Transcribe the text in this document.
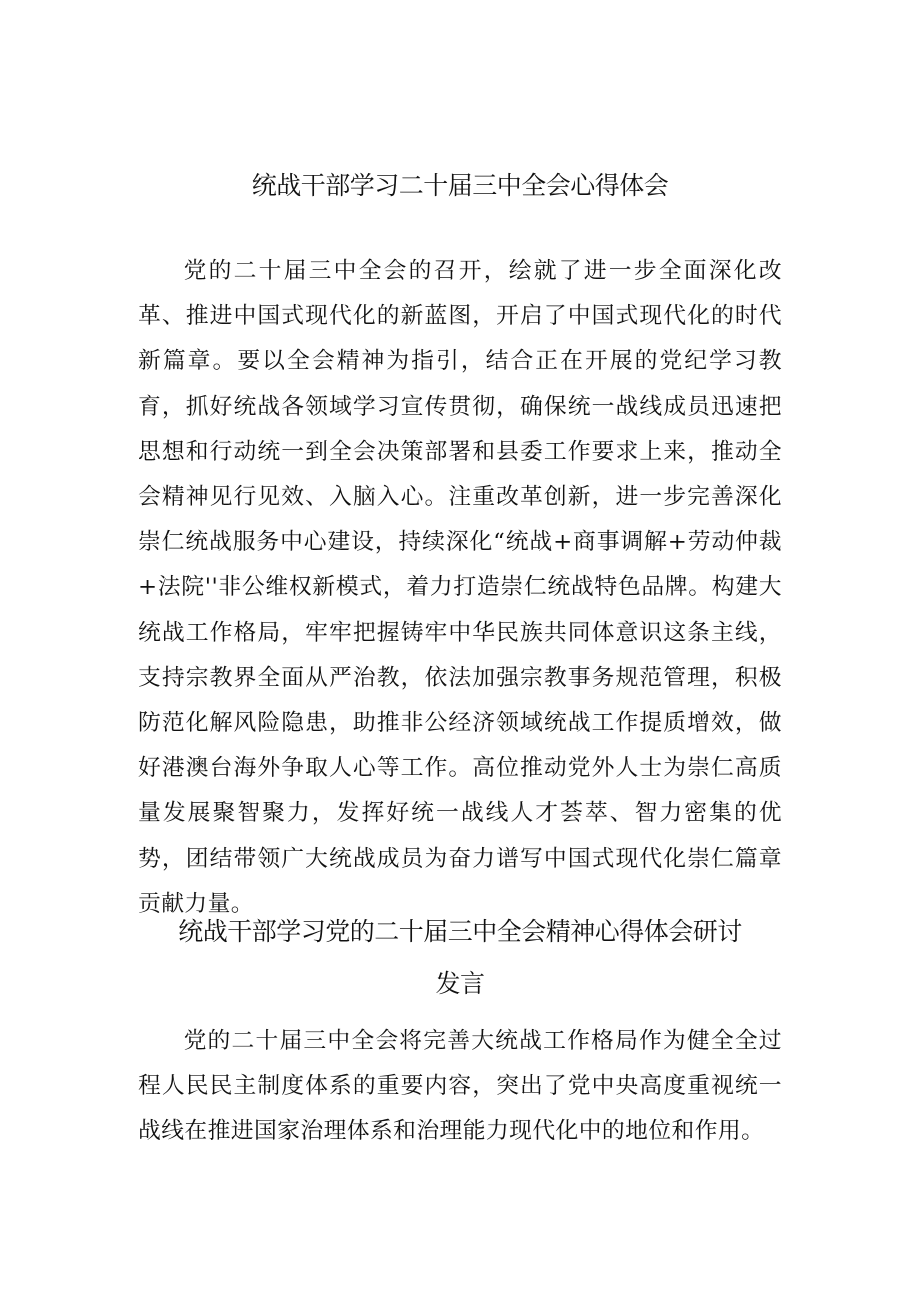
统战干部学习二十届三中全会心得体会

党的二十届三中全会的召开，绘就了进一步全面深化改革、推进中国式现代化的新蓝图，开启了中国式现代化的时代新篇章。要以全会精神为指引，结合正在开展的党纪学习教育，抓好统战各领域学习宣传贯彻，确保统一战线成员迅速把思想和行动统一到全会决策部署和县委工作要求上来，推动全会精神见行见效、入脑入心。注重改革创新，进一步完善深化崇仁统战服务中心建设，持续深化“统战+商事调解+劳动仲裁+法院''非公维权新模式，着力打造崇仁统战特色品牌。构建大统战工作格局，牢牢把握铸牢中华民族共同体意识这条主线，支持宗教界全面从严治教，依法加强宗教事务规范管理，积极防范化解风险隐患，助推非公经济领域统战工作提质增效，做好港澳台海外争取人心等工作。高位推动党外人士为崇仁高质量发展聚智聚力，发挥好统一战线人才荟萃、智力密集的优势，团结带领广大统战成员为奋力谱写中国式现代化崇仁篇章贡献力量。

统战干部学习党的二十届三中全会精神心得体会研讨
发言

党的二十届三中全会将完善大统战工作格局作为健全全过程人民民主制度体系的重要内容，突出了党中央高度重视统一战线在推进国家治理体系和治理能力现代化中的地位和作用。
